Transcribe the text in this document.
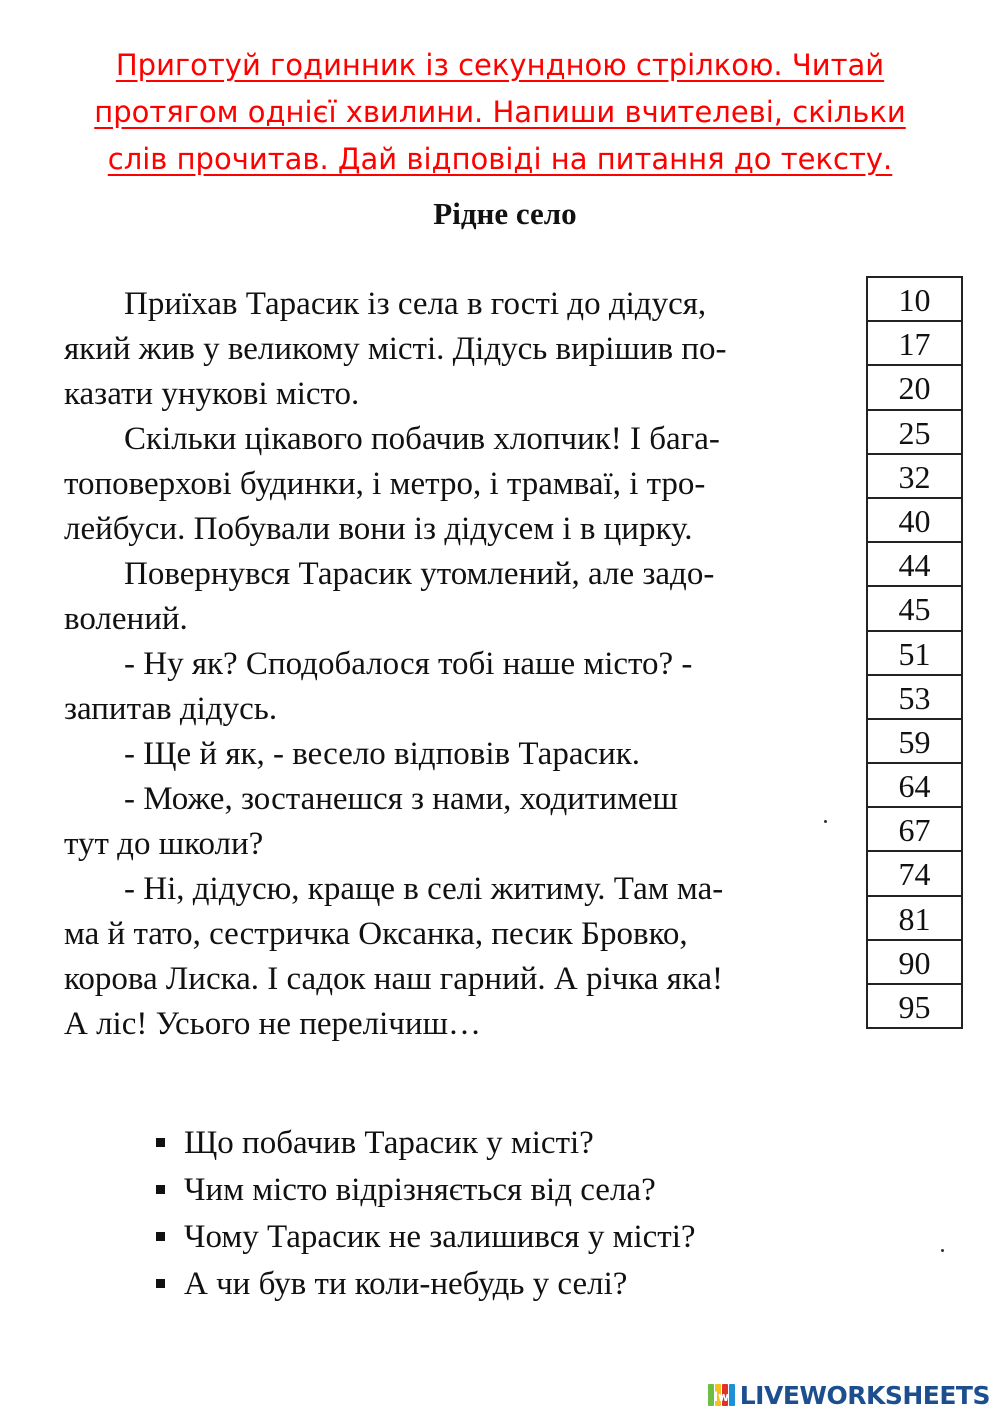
Приготуй годинник із секундною стрілкою. Читай
протягом однієї хвилини. Напиши вчителеві, скільки
слів прочитав. Дай відповіді на питання до тексту.
Рідне село
Приїхав Тарасик із села в гості до дідуся,
який жив у великому місті. Дідусь вирішив по-
казати унукові місто.
Скільки цікавого побачив хлопчик! І бага-
топоверхові будинки, і метро, і трамваї, і тро-
лейбуси. Побували вони із дідусем і в цирку.
Повернувся Тарасик утомлений, але задо-
волений.
- Ну як? Сподобалося тобі наше місто? -
запитав дідусь.
- Ще й як, - весело відповів Тарасик.
- Може, зостанешся з нами, ходитимеш
тут до школи?
- Ні, дідусю, краще в селі житиму. Там ма-
ма й тато, сестричка Оксанка, песик Бровко,
корова Лиска. І садок наш гарний. А річка яка!
А ліс! Усього не перелічиш…
10
17
20
25
32
40
44
45
51
53
59
64
67
74
81
90
95
Що побачив Тарасик у місті?
Чим місто відрізняється від села?
Чому Тарасик не залишився у місті?
А чи був ти коли-небудь у селі?
lw LIVEWORKSHEETS
